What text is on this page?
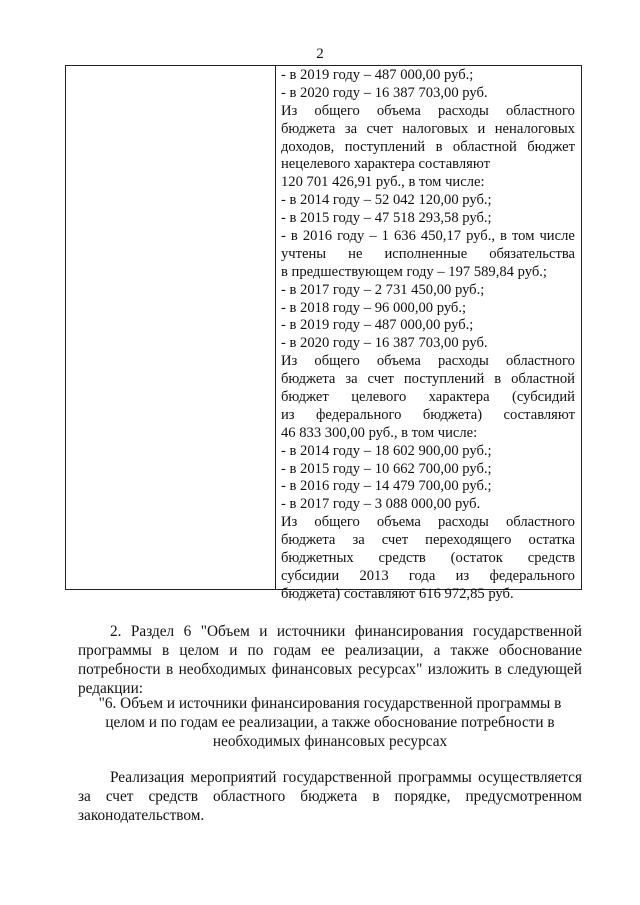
2
- в 2019 году – 487 000,00 руб.;
- в 2020 году – 16 387 703,00 руб.
Из общего объема расходы областного
бюджета за счет налоговых и неналоговых
доходов, поступлений в областной бюджет
нецелевого характера составляют
120 701 426,91 руб., в том числе:
- в 2014 году – 52 042 120,00 руб.;
- в 2015 году – 47 518 293,58 руб.;
- в 2016 году – 1 636 450,17 руб., в том числе
учтены не исполненные обязательства
в предшествующем году – 197 589,84 руб.;
- в 2017 году – 2 731 450,00 руб.;
- в 2018 году – 96 000,00 руб.;
- в 2019 году – 487 000,00 руб.;
- в 2020 году – 16 387 703,00 руб.
Из общего объема расходы областного
бюджета за счет поступлений в областной
бюджет целевого характера (субсидий
из федерального бюджета) составляют
46 833 300,00 руб., в том числе:
- в 2014 году – 18 602 900,00 руб.;
- в 2015 году – 10 662 700,00 руб.;
- в 2016 году – 14 479 700,00 руб.;
- в 2017 году – 3 088 000,00 руб.
Из общего объема расходы областного
бюджета за счет переходящего остатка
бюджетных средств (остаток средств
субсидии 2013 года из федерального
бюджета) составляют 616 972,85 руб.
2. Раздел 6 "Объем и источники финансирования государственной
программы в целом и по годам ее реализации, а также обоснование
потребности в необходимых финансовых ресурсах" изложить в следующей
редакции:
"6. Объем и источники финансирования государственной программы в
целом и по годам ее реализации, а также обоснование потребности в
необходимых финансовых ресурсах
Реализация мероприятий государственной программы осуществляется
за счет средств областного бюджета в порядке, предусмотренном
законодательством.
